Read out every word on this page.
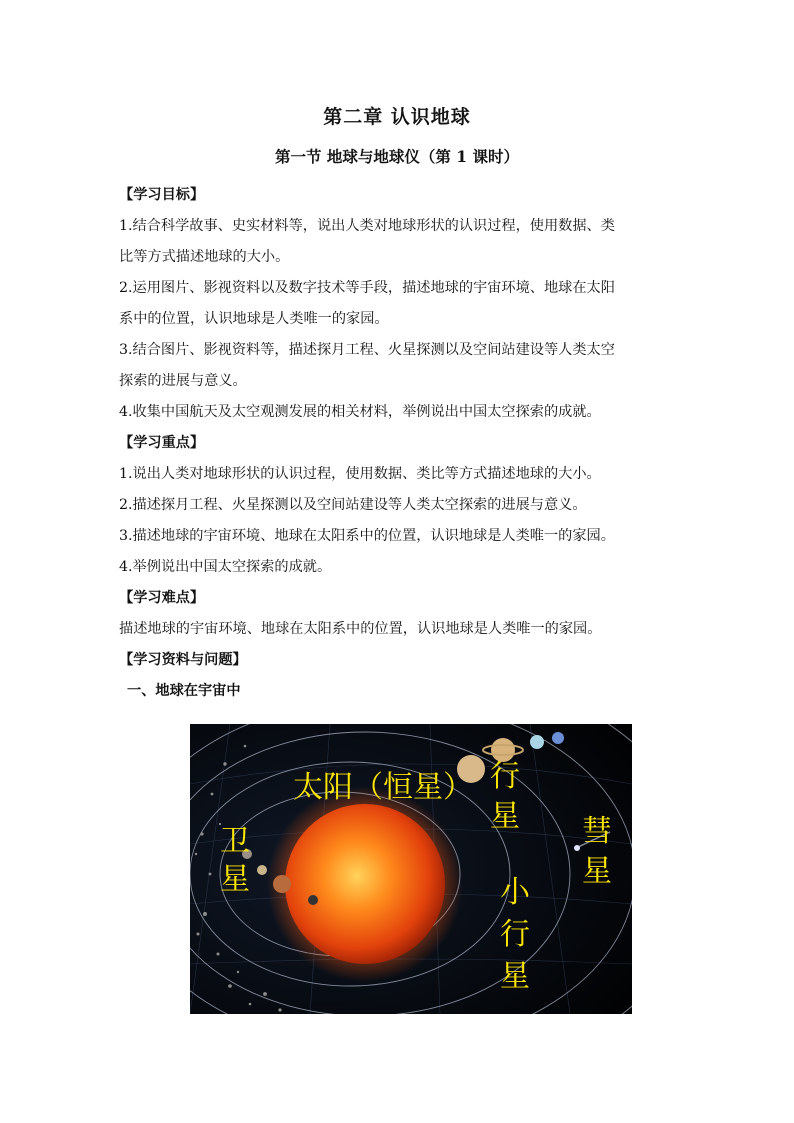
第二章 认识地球
第一节 地球与地球仪（第 1 课时）
【学习目标】
1.结合科学故事、史实材料等，说出人类对地球形状的认识过程，使用数据、类
比等方式描述地球的大小。
2.运用图片、影视资料以及数字技术等手段，描述地球的宇宙环境、地球在太阳
系中的位置，认识地球是人类唯一的家园。
3.结合图片、影视资料等，描述探月工程、火星探测以及空间站建设等人类太空
探索的进展与意义。
4.收集中国航天及太空观测发展的相关材料，举例说出中国太空探索的成就。
【学习重点】
1.说出人类对地球形状的认识过程，使用数据、类比等方式描述地球的大小。
2.描述探月工程、火星探测以及空间站建设等人类太空探索的进展与意义。
3.描述地球的宇宙环境、地球在太阳系中的位置，认识地球是人类唯一的家园。
4.举例说出中国太空探索的成就。
【学习难点】
描述地球的宇宙环境、地球在太阳系中的位置，认识地球是人类唯一的家园。
【学习资料与问题】
一、地球在宇宙中
太阳（恒星） 行
星
卫
星
彗
星
小
行
星
